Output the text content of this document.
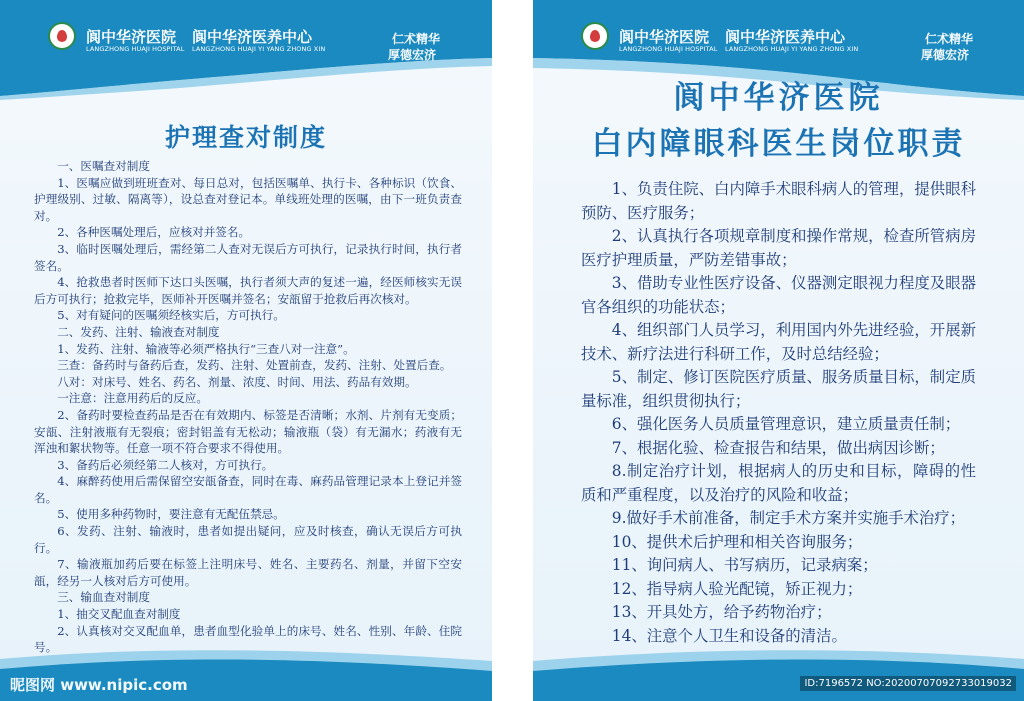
阆中华济医院
LANGZHONG HUAJI HOSPITAL
阆中华济医养中心
LANGZHONG HUAJI YI YANG ZHONG XIN
仁术精华
厚德宏济
护理查对制度
一、医嘱查对制度
1、医嘱应做到班班查对、每日总对，包括医嘱单、执行卡、各种标识（饮食、护理级别、过敏、隔离等），设总查对登记本。单线班处理的医嘱，由下一班负责查对。
2、各种医嘱处理后，应核对并签名。
3、临时医嘱处理后，需经第二人查对无误后方可执行，记录执行时间，执行者签名。
4、抢救患者时医师下达口头医嘱，执行者须大声的复述一遍，经医师核实无误后方可执行；抢救完毕，医师补开医嘱并签名；安瓿留于抢救后再次核对。
5、对有疑问的医嘱须经核实后，方可执行。
二、发药、注射、输液查对制度
1、发药、注射、输液等必须严格执行“三查八对一注意”。
三查：备药时与备药后查，发药、注射、处置前查，发药、注射、处置后查。
八对：对床号、姓名、药名、剂量、浓度、时间、用法、药品有效期。
一注意：注意用药后的反应。
2、备药时要检查药品是否在有效期内、标签是否清晰；水剂、片剂有无变质；安瓿、注射液瓶有无裂痕；密封铝盖有无松动；输液瓶（袋）有无漏水；药液有无浑浊和絮状物等。任意一项不符合要求不得使用。
3、备药后必须经第二人核对，方可执行。
4、麻醉药使用后需保留空安瓿备查，同时在毒、麻药品管理记录本上登记并签名。
5、使用多种药物时，要注意有无配伍禁忌。
6、发药、注射、输液时，患者如提出疑问，应及时核查，确认无误后方可执行。
7、输液瓶加药后要在标签上注明床号、姓名、主要药名、剂量，并留下空安瓿，经另一人核对后方可使用。
三、输血查对制度
1、抽交叉配血查对制度
2、认真核对交叉配血单，患者血型化验单上的床号、姓名、性别、年龄、住院号。
昵图网 www.nipic.com
阆中华济医院
LANGZHONG HUAJI HOSPITAL
阆中华济医养中心
LANGZHONG HUAJI YI YANG ZHONG XIN
仁术精华
厚德宏济
阆中华济医院
白内障眼科医生岗位职责
1、负责住院、白内障手术眼科病人的管理，提供眼科预防、医疗服务；
2、认真执行各项规章制度和操作常规，检查所管病房医疗护理质量，严防差错事故；
3、借助专业性医疗设备、仪器测定眼视力程度及眼器官各组织的功能状态；
4、组织部门人员学习，利用国内外先进经验，开展新技术、新疗法进行科研工作，及时总结经验；
5、制定、修订医院医疗质量、服务质量目标，制定质量标准，组织贯彻执行；
6、强化医务人员质量管理意识，建立质量责任制；
7、根据化验、检查报告和结果，做出病因诊断；
8.制定治疗计划，根据病人的历史和目标，障碍的性质和严重程度，以及治疗的风险和收益；
9.做好手术前准备，制定手术方案并实施手术治疗；
10、提供术后护理和相关咨询服务；
11、询问病人、书写病历，记录病案；
12、指导病人验光配镜，矫正视力；
13、开具处方，给予药物治疗；
14、注意个人卫生和设备的清洁。
ID:7196572 NO:20200707092733019032
